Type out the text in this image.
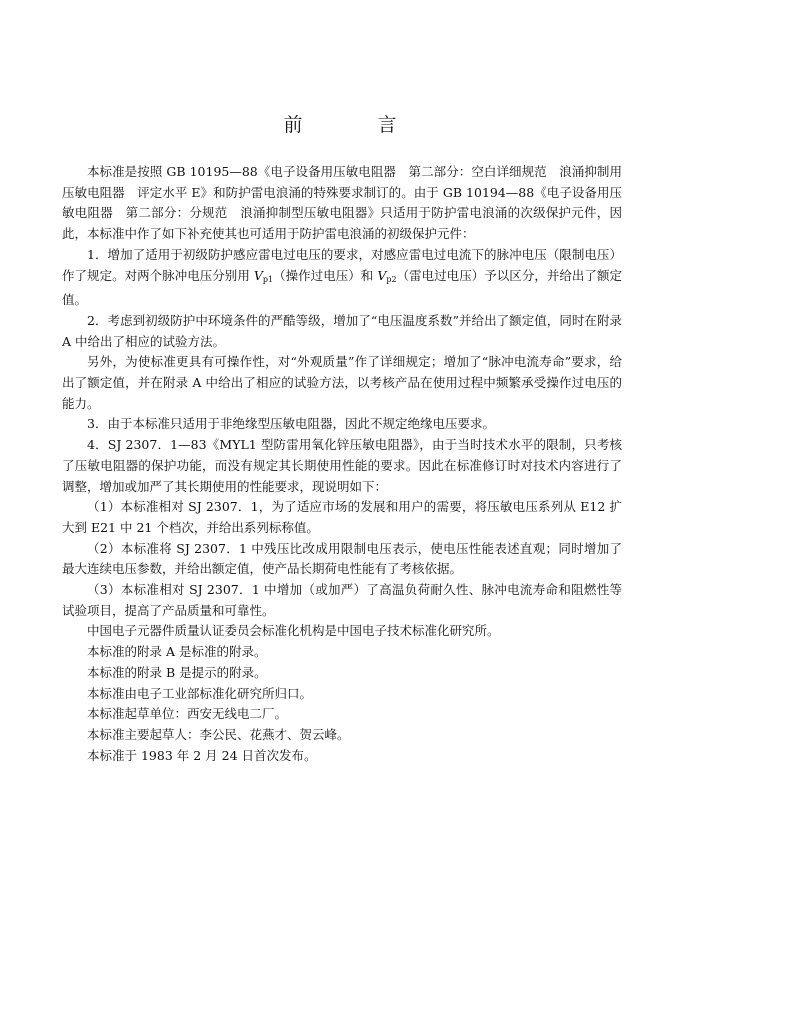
前　言

本标准是按照 GB 10195—88《电子设备用压敏电阻器　第二部分：空白详细规范　浪涌抑制用压敏电阻器　评定水平 E》和防护雷电浪涌的特殊要求制订的。由于 GB 10194—88《电子设备用压敏电阻器　第二部分：分规范　浪涌抑制型压敏电阻器》只适用于防护雷电浪涌的次级保护元件，因此，本标准中作了如下补充使其也可适用于防护雷电浪涌的初级保护元件：

1．增加了适用于初级防护感应雷电过电压的要求，对感应雷电过电流下的脉冲电压（限制电压）作了规定。对两个脉冲电压分别用 $V_{p1}$（操作过电压）和 $V_{p2}$（雷电过电压）予以区分，并给出了额定值。

2．考虑到初级防护中环境条件的严酷等级，增加了“电压温度系数”并给出了额定值，同时在附录 A 中给出了相应的试验方法。

另外，为使标准更具有可操作性，对“外观质量”作了详细规定；增加了“脉冲电流寿命”要求，给出了额定值，并在附录 A 中给出了相应的试验方法，以考核产品在使用过程中频繁承受操作过电压的能力。

3．由于本标准只适用于非绝缘型压敏电阻器，因此不规定绝缘电压要求。

4．SJ 2307．1—83《MYL1 型防雷用氧化锌压敏电阻器》，由于当时技术水平的限制，只考核了压敏电阻器的保护功能，而没有规定其长期使用性能的要求。因此在标准修订时对技术内容进行了调整，增加或加严了其长期使用的性能要求，现说明如下：

（1）本标准相对 SJ 2307．1，为了适应市场的发展和用户的需要，将压敏电压系列从 E12 扩大到 E21 中 21 个档次，并给出系列标称值。

（2）本标准将 SJ 2307．1 中残压比改成用限制电压表示，使电压性能表述直观；同时增加了最大连续电压参数，并给出额定值，使产品长期荷电性能有了考核依据。

（3）本标准相对 SJ 2307．1 中增加（或加严）了高温负荷耐久性、脉冲电流寿命和阻燃性等试验项目，提高了产品质量和可靠性。

中国电子元器件质量认证委员会标准化机构是中国电子技术标准化研究所。

本标准的附录 A 是标准的附录。

本标准的附录 B 是提示的附录。

本标准由电子工业部标准化研究所归口。

本标准起草单位：西安无线电二厂。

本标准主要起草人：李公民、花燕才、贺云峰。

本标准于 1983 年 2 月 24 日首次发布。
